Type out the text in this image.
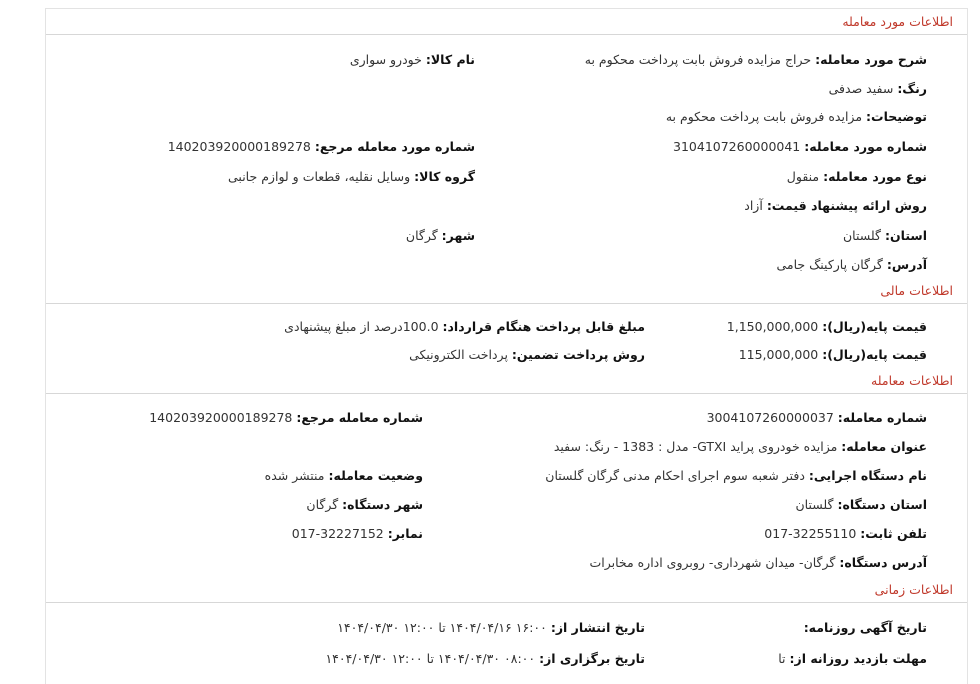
اطلاعات مورد معامله
شرح مورد معامله: حراج مزایده فروش بابت پرداخت محکوم به
نام کالا: خودرو سواری
رنگ: سفید صدفی
توضیحات: مزایده فروش بابت پرداخت محکوم به
شماره مورد معامله: 3104107260000041
شماره مورد معامله مرجع: 140203920000189278
نوع مورد معامله: منقول
گروه کالا: وسایل نقلیه، قطعات و لوازم جانبی
روش ارائه پیشنهاد قیمت: آزاد
استان: گلستان
شهر: گرگان
آدرس: گرگان پارکینگ جامی
اطلاعات مالی
قیمت پایه(ریال): 1,150,000,000
مبلغ قابل پرداخت هنگام قرارداد: 100.0درصد از مبلغ پیشنهادی
قیمت پایه(ریال): 115,000,000
روش پرداخت تضمین: پرداخت الکترونیکی
اطلاعات معامله
شماره معامله: 3004107260000037
شماره معامله مرجع: 140203920000189278
عنوان معامله: مزایده خودروی پراید GTXI- مدل : 1383 - رنگ: سفید
نام دستگاه اجرایی: دفتر شعبه سوم اجرای احکام مدنی گرگان گلستان
وضعیت معامله: منتشر شده
استان دستگاه: گلستان
شهر دستگاه: گرگان
تلفن ثابت: 017-32255110
نمابر: 017-32227152
آدرس دستگاه: گرگان- میدان شهرداری- روبروی اداره مخابرات
اطلاعات زمانی
تاریخ آگهی روزنامه:
تاریخ انتشار از: ۱۶:۰۰ ۱۴۰۴/۰۴/۱۶ تا ۱۲:۰۰ ۱۴۰۴/۰۴/۳۰
مهلت بازدید روزانه از: تا
تاریخ برگزاری از: ۰۸:۰۰ ۱۴۰۴/۰۴/۳۰ تا ۱۲:۰۰ ۱۴۰۴/۰۴/۳۰
